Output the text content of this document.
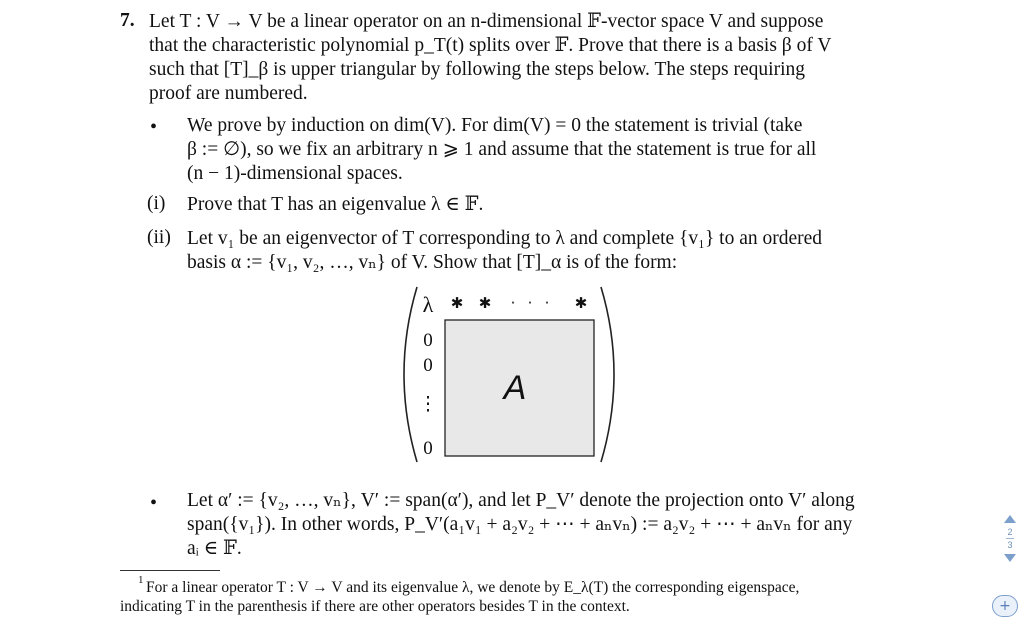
7. Let T : V → V be a linear operator on an n-dimensional 𝔽-vector space V and suppose
that the characteristic polynomial p_T(t) splits over 𝔽. Prove that there is a basis β of V
such that [T]_β is upper triangular by following the steps below. The steps requiring
proof are numbered.
• We prove by induction on dim(V). For dim(V) = 0 the statement is trivial (take
β := ∅), so we fix an arbitrary n ⩾ 1 and assume that the statement is true for all
(n − 1)-dimensional spaces.
(i) Prove that T has an eigenvalue λ ∈ 𝔽.
(ii) Let v₁ be an eigenvector of T corresponding to λ and complete {v₁} to an ordered
basis α := {v₁, v₂, …, vₙ} of V. Show that [T]_α is of the form:
A
λ ✱ ✱ · · · ✱
0
0
⋮
0
• Let α′ := {v₂, …, vₙ}, V′ := span(α′), and let P_V′ denote the projection onto V′ along
span({v₁}). In other words, P_V′(a₁v₁ + a₂v₂ + ⋯ + aₙvₙ) := a₂v₂ + ⋯ + aₙvₙ for any
aᵢ ∈ 𝔽.
1 For a linear operator T : V → V and its eigenvalue λ, we denote by E_λ(T) the corresponding eigenspace,
indicating T in the parenthesis if there are other operators besides T in the context.
2
3
+
